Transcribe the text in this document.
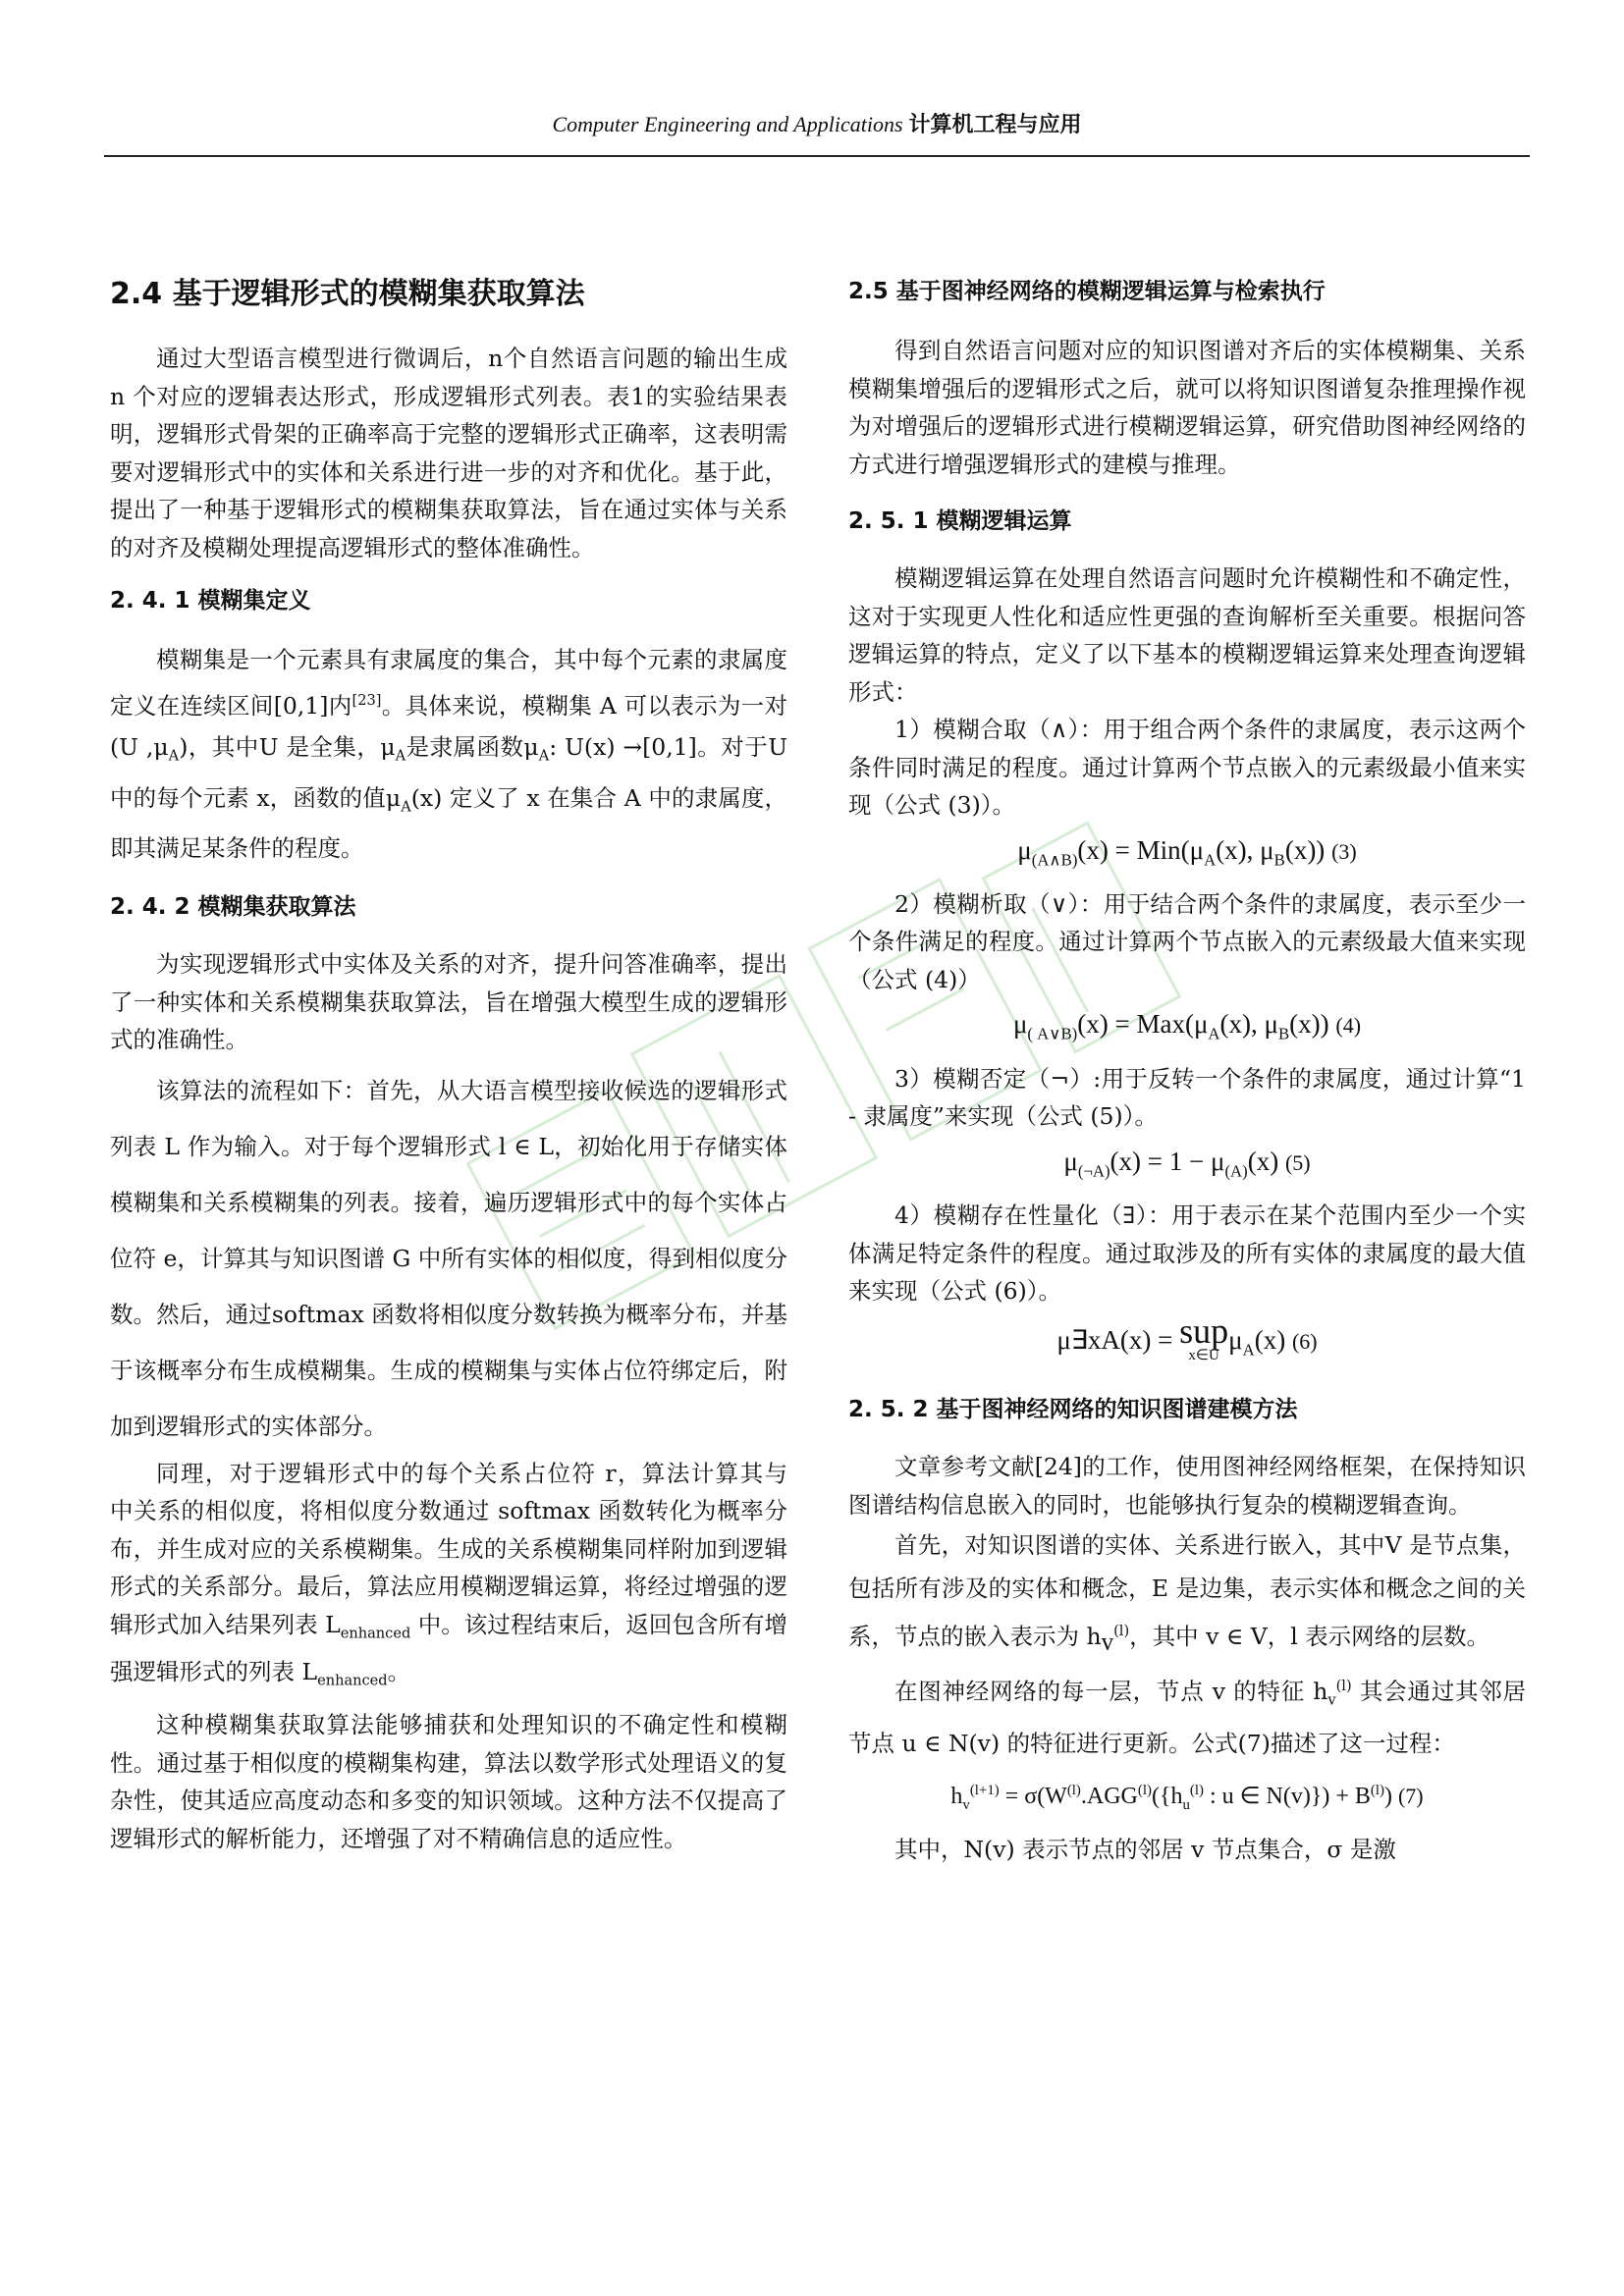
Computer Engineering and Applications 计算机工程与应用
2.4 基于逻辑形式的模糊集获取算法

通过大型语言模型进行微调后，n个自然语言问题的输出生成 n 个对应的逻辑表达形式，形成逻辑形式列表。表1的实验结果表明，逻辑形式骨架的正确率高于完整的逻辑形式正确率，这表明需要对逻辑形式中的实体和关系进行进一步的对齐和优化。基于此，提出了一种基于逻辑形式的模糊集获取算法，旨在通过实体与关系的对齐及模糊处理提高逻辑形式的整体准确性。

2. 4. 1 模糊集定义

模糊集是一个元素具有隶属度的集合，其中每个元素的隶属度定义在连续区间[0,1]内[23]。具体来说，模糊集 A 可以表示为一对 (U $,\mu_A$)，其中U 是全集，$\mu_A$是隶属函数$\mu_A$: U(x) →[0,1]。对于U 中的每个元素 x，函数的值$\mu_A(x)$ 定义了 x 在集合 A 中的隶属度，即其满足某条件的程度。

2. 4. 2 模糊集获取算法

为实现逻辑形式中实体及关系的对齐，提升问答准确率，提出了一种实体和关系模糊集获取算法，旨在增强大模型生成的逻辑形式的准确性。

该算法的流程如下：首先，从大语言模型接收候选的逻辑形式列表 L 作为输入。对于每个逻辑形式 l ∈ L，初始化用于存储实体模糊集和关系模糊集的列表。接着，遍历逻辑形式中的每个实体占位符 e，计算其与知识图谱 G 中所有实体的相似度，得到相似度分数。然后，通过softmax 函数将相似度分数转换为概率分布，并基于该概率分布生成模糊集。生成的模糊集与实体占位符绑定后，附加到逻辑形式的实体部分。

同理，对于逻辑形式中的每个关系占位符 r，算法计算其与　中关系的相似度，将相似度分数通过 softmax 函数转化为概率分布，并生成对应的关系模糊集。生成的关系模糊集同样附加到逻辑形式的关系部分。最后，算法应用模糊逻辑运算，将经过增强的逻辑形式加入结果列表 $L_{enhanced}$ 中。该过程结束后，返回包含所有增强逻辑形式的列表 $L_{enhanced}$。

这种模糊集获取算法能够捕获和处理知识的不确定性和模糊性。通过基于相似度的模糊集构建，算法以数学形式处理语义的复杂性，使其适应高度动态和多变的知识领域。这种方法不仅提高了逻辑形式的解析能力，还增强了对不精确信息的适应性。

2.5 基于图神经网络的模糊逻辑运算与检索执行

得到自然语言问题对应的知识图谱对齐后的实体模糊集、关系模糊集增强后的逻辑形式之后，就可以将知识图谱复杂推理操作视为对增强后的逻辑形式进行模糊逻辑运算，研究借助图神经网络的方式进行增强逻辑形式的建模与推理。

2. 5. 1 模糊逻辑运算

模糊逻辑运算在处理自然语言问题时允许模糊性和不确定性，这对于实现更人性化和适应性更强的查询解析至关重要。根据问答逻辑运算的特点，定义了以下基本的模糊逻辑运算来处理查询逻辑形式：

1）模糊合取（∧）：用于组合两个条件的隶属度，表示这两个条件同时满足的程度。通过计算两个节点嵌入的元素级最小值来实现（公式 (3)）。

$\mu_{(A\wedge B)}(x) = Min(\mu_A(x)$, $\mu_B(x)$) (3)

2）模糊析取（∨）：用于结合两个条件的隶属度，表示至少一个条件满足的程度。通过计算两个节点嵌入的元素级最大值来实现（公式 (4)）

$\mu_{( A\vee B)}(x) = Max(\mu_A(x)$, $\mu_B(x)$) (4)

3）模糊否定（¬）:用于反转一个条件的隶属度，通过计算“1 - 隶属度”来实现（公式 (5)）。

$\mu_{(\neg A)}(x) = 1 - \mu_{(A)}(x)$ (5)

4）模糊存在性量化（∃）：用于表示在某个范围内至少一个实体满足特定条件的程度。通过取涉及的所有实体的隶属度的最大值来实现（公式 (6)）。

μ∃xA(x) = sup
x∈U
$\mu_A(x)$ (6)
2. 5. 2 基于图神经网络的知识图谱建模方法

文章参考文献[24]的工作，使用图神经网络框架，在保持知识图谱结构信息嵌入的同时，也能够执行复杂的模糊逻辑查询。

首先，对知识图谱的实体、关系进行嵌入，其中V 是节点集，包括所有涉及的实体和概念，E 是边集，表示实体和概念之间的关系，节点的嵌入表示为 $h_v^{(l)}$，其中 v ∈ V，l 表示网络的层数。

在图神经网络的每一层，节点 v 的特征 $h_v^{(l)}$ 其会通过其邻居节点 u ∈ N(v) 的特征进行更新。公式(7)描述了这一过程：

$h_v^{(l+1)} = \sigma(W^{(l)}.AGG^{(l)}(\{h_u^{(l)}$ : u ∈ $N(v)\}) + B^{(l)}$) (7)

其中，N(v) 表示节点的邻居 v 节点集合，σ 是激
